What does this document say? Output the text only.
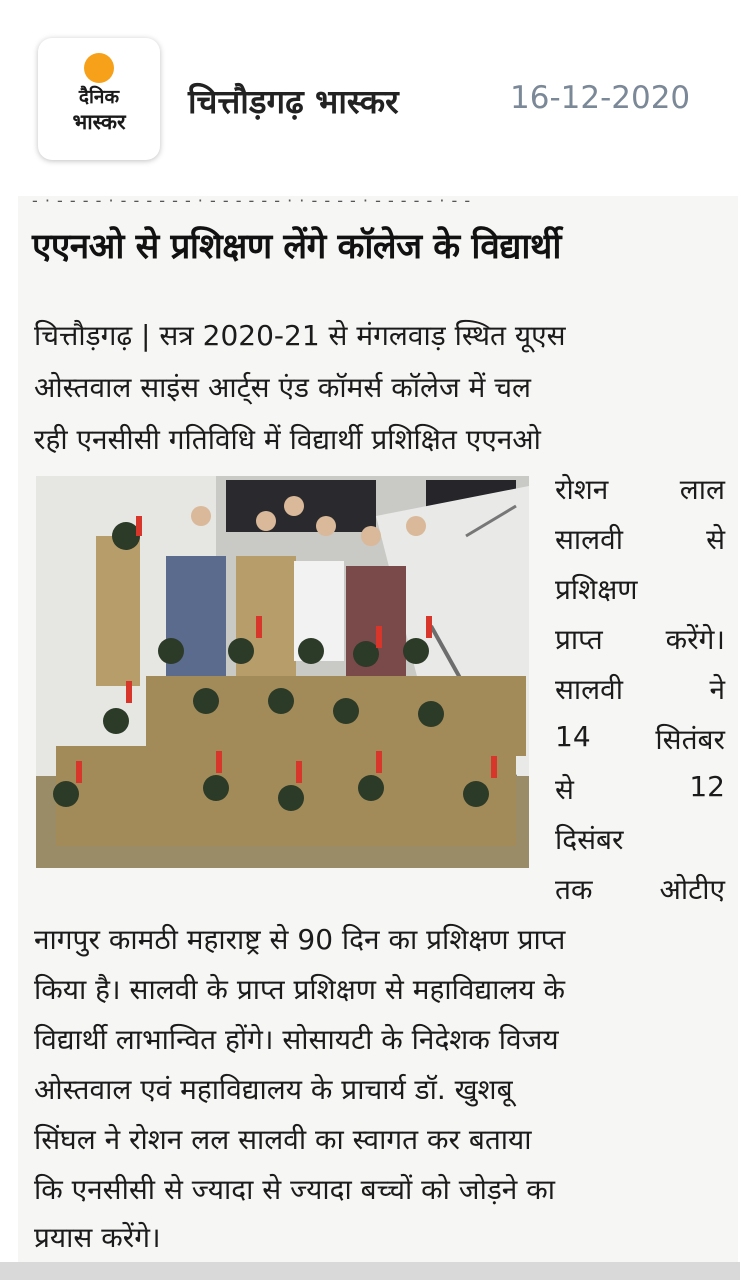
दैनिक
भास्कर
चित्तौड़गढ़ भास्कर	16-12-2020
- · - - - - · - - - - - - · - - - - - - · · - - - - · - - - - - · - -
एएनओ से प्रशिक्षण लेंगे कॉलेज के विद्यार्थी
चित्तौड़गढ़ | सत्र 2020-21 से मंगलवाड़ स्थित यूएस
ओस्तवाल साइंस आर्ट्स एंड कॉमर्स कॉलेज में चल
रही एनसीसी गतिविधि में विद्यार्थी प्रशिक्षित एएनओ
रोशन	लाल
सालवी	से
प्रशिक्षण
प्राप्त करेंगे।
सालवी	ने
14 सितंबर
से	12
दिसंबर
तक ओटीए
नागपुर कामठी महाराष्ट्र से 90 दिन का प्रशिक्षण प्राप्त
किया है। सालवी के प्राप्त प्रशिक्षण से महाविद्यालय के
विद्यार्थी लाभान्वित होंगे। सोसायटी के निदेशक विजय
ओस्तवाल एवं महाविद्यालय के प्राचार्य डॉ. खुशबू
सिंघल ने रोशन लल सालवी का स्वागत कर बताया
कि एनसीसी से ज्यादा से ज्यादा बच्चों को जोड़ने का
प्रयास करेंगे।
